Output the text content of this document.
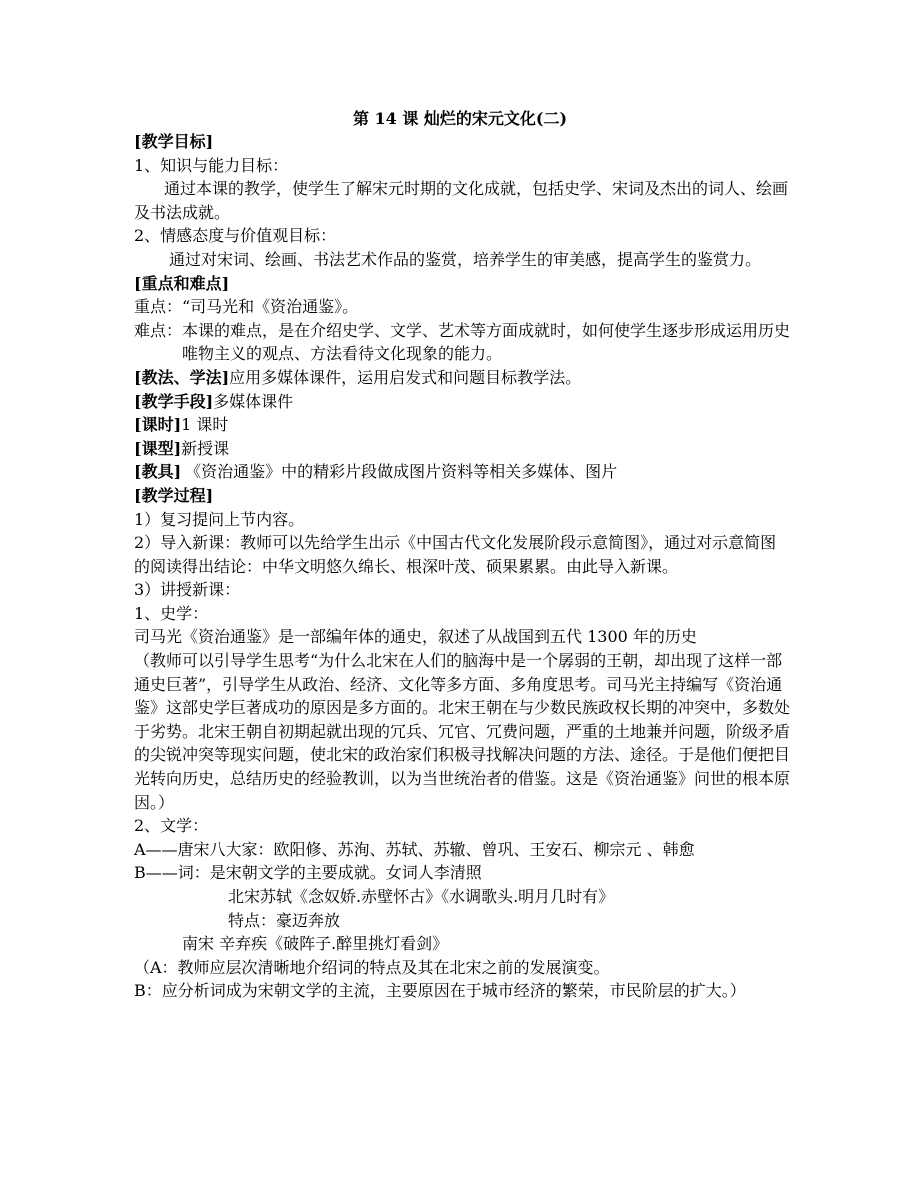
第 14 课 灿烂的宋元文化(二)
[教学目标]
1、知识与能力目标：
通过本课的教学，使学生了解宋元时期的文化成就，包括史学、宋词及杰出的词人、绘画及书法成就。
2、情感态度与价值观目标：
通过对宋词、绘画、书法艺术作品的鉴赏，培养学生的审美感，提高学生的鉴赏力。
[重点和难点]
重点：“司马光和《资治通鉴》。
难点：本课的难点，是在介绍史学、文学、艺术等方面成就时，如何使学生逐步形成运用历史唯物主义的观点、方法看待文化现象的能力。
[教法、学法]应用多媒体课件，运用启发式和问题目标教学法。
[教学手段]多媒体课件
[课时]1 课时
[课型]新授课
[教具] 《资治通鉴》中的精彩片段做成图片资料等相关多媒体、图片
[教学过程]
1）复习提问上节内容。
2）导入新课：教师可以先给学生出示《中国古代文化发展阶段示意简图》，通过对示意简图的阅读得出结论：中华文明悠久绵长、根深叶茂、硕果累累。由此导入新课。
3）讲授新课：
1、史学：
司马光《资治通鉴》是一部编年体的通史，叙述了从战国到五代 1300 年的历史
（教师可以引导学生思考“为什么北宋在人们的脑海中是一个孱弱的王朝，却出现了这样一部通史巨著”，引导学生从政治、经济、文化等多方面、多角度思考。司马光主持编写《资治通鉴》这部史学巨著成功的原因是多方面的。北宋王朝在与少数民族政权长期的冲突中，多数处于劣势。北宋王朝自初期起就出现的冗兵、冗官、冗费问题，严重的土地兼并问题，阶级矛盾的尖锐冲突等现实问题，使北宋的政治家们积极寻找解决问题的方法、途径。于是他们便把目光转向历史，总结历史的经验教训，以为当世统治者的借鉴。这是《资治通鉴》问世的根本原因。）
2、文学：
A——唐宋八大家：欧阳修、苏洵、苏轼、苏辙、曾巩、王安石、柳宗元 、韩愈
B——词：是宋朝文学的主要成就。女词人李清照
北宋苏轼《念奴娇.赤壁怀古》《水调歌头.明月几时有》
特点：豪迈奔放
南宋 辛弃疾《破阵子.醉里挑灯看剑》
（A：教师应层次清晰地介绍词的特点及其在北宋之前的发展演变。
B：应分析词成为宋朝文学的主流，主要原因在于城市经济的繁荣，市民阶层的扩大。）
